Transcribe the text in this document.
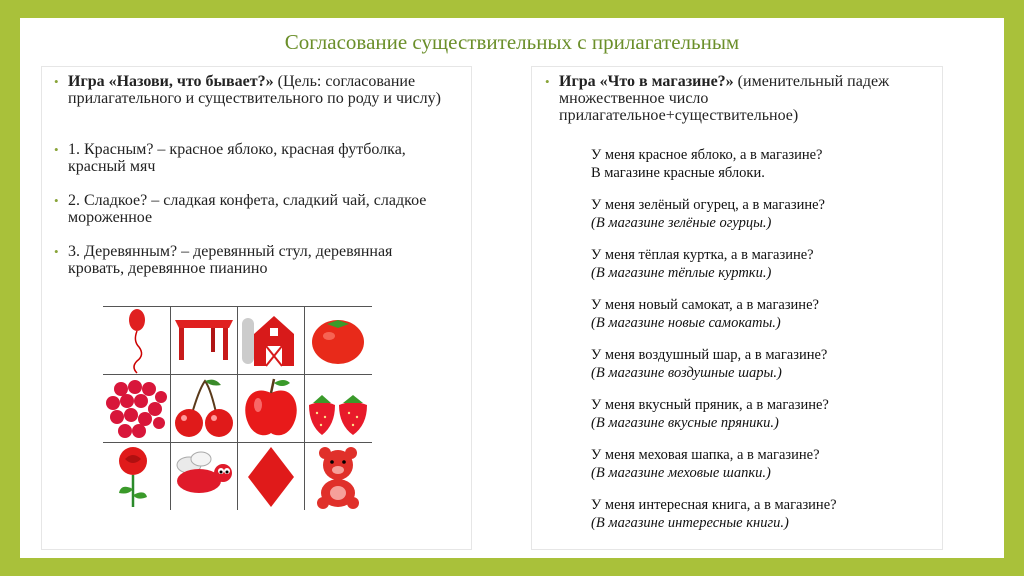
Согласование существительных с прилагательным
• Игра «Назови, что бывает?» (Цель: согласование прилагательного и существительного по роду и числу)
• 1. Красным? – красное яблоко, красная футболка, красный мяч
• 2. Сладкое? – сладкая конфета, сладкий чай, сладкое мороженное
• 3. Деревянным? – деревянный стул, деревянная кровать, деревянное пианино
• Игра «Что в магазине?» (именительный падеж множественное число прилагательное+существительное)
У меня красное яблоко, а в магазине?
В магазине красные яблоки.
У меня зелёный огурец, а в магазине?
(В магазине зелёные огурцы.)
У меня тёплая куртка, а в магазине?
(В магазине тёплые куртки.)
У меня новый самокат, а в магазине?
(В магазине новые самокаты.)
У меня воздушный шар, а в магазине?
(В магазине воздушные шары.)
У меня вкусный пряник, а в магазине?
(В магазине вкусные пряники.)
У меня меховая шапка, а в магазине?
(В магазине меховые шапки.)
У меня интересная книга, а в магазине?
(В магазине интересные книги.)
